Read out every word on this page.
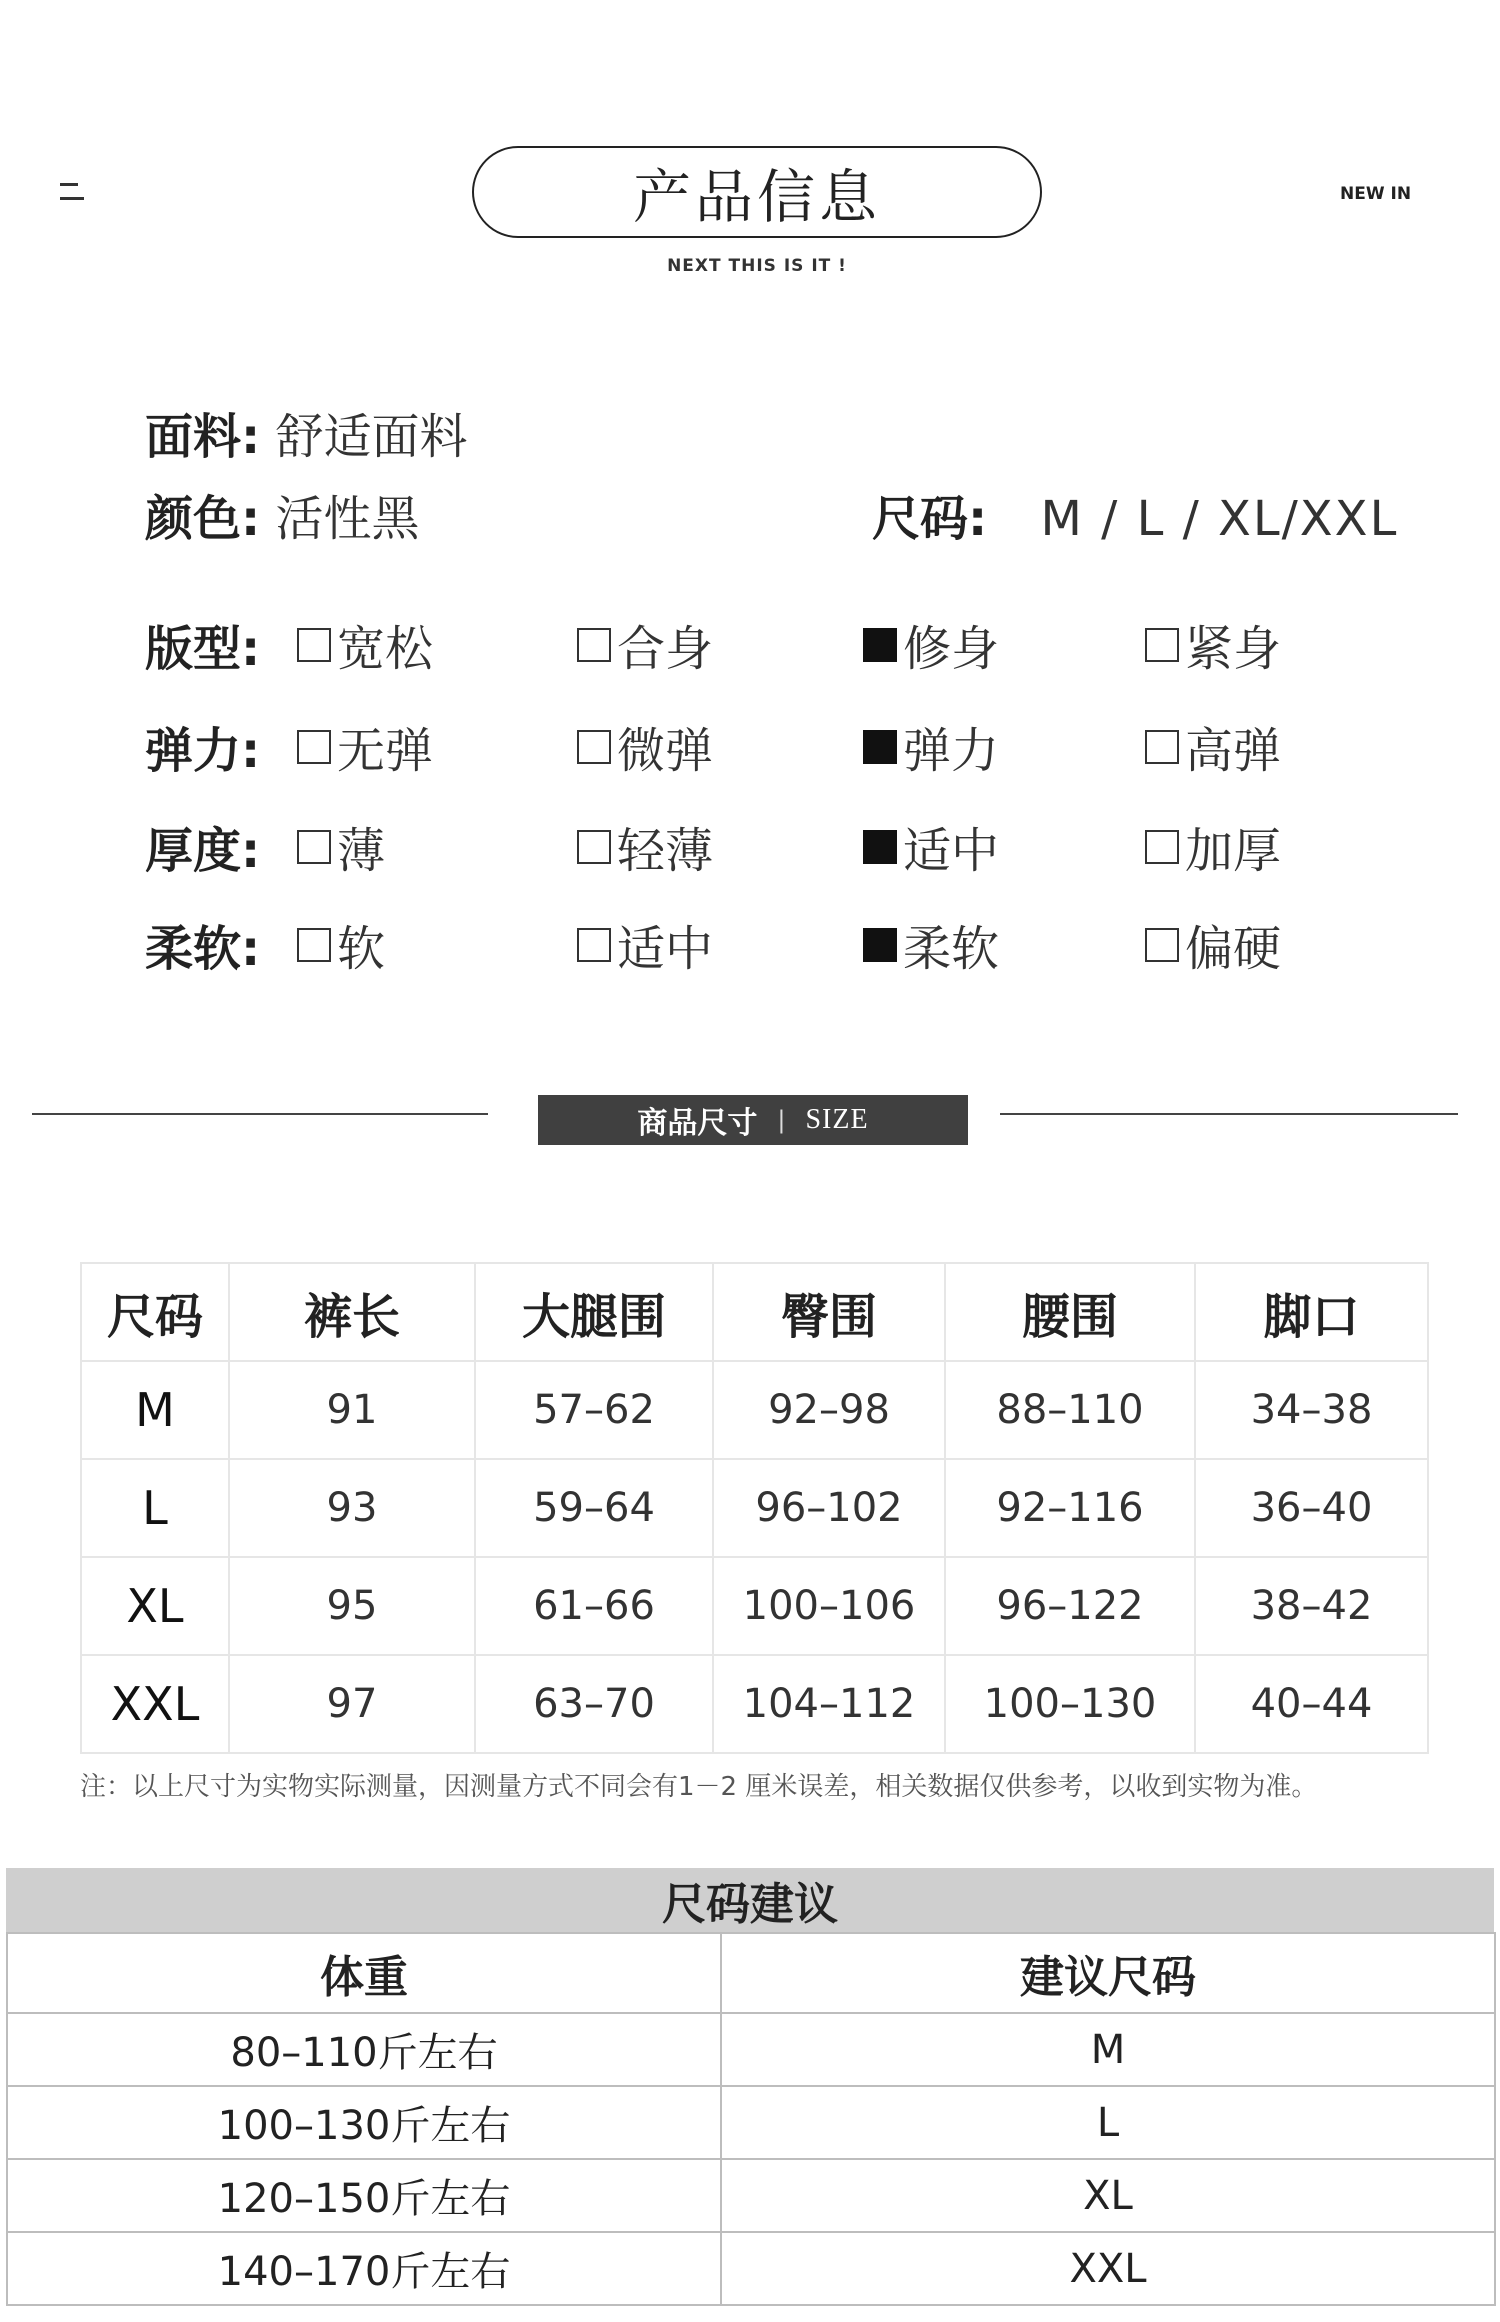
产品信息
NEXT THIS IS IT !
NEW IN
面料: 舒适面料
颜色: 活性黑	尺码: M / L / XL/XXL
版型: 宽松	合身	修身	紧身
弹力: 无弹	微弹	弹力	高弹
厚度: 薄	轻薄	适中	加厚
柔软: 软	适中	柔软	偏硬
商品尺寸 | SIZE
尺码	裤长	大腿围	臀围	腰围	脚口
M	91	57–62	92–98	88–110	34–38
L	93	59–64	96–102	92–116	36–40
XL	95	61–66	100–106	96–122	38–42
XXL	97	63–70	104–112	100–130	40–44
注：以上尺寸为实物实际测量，因测量方式不同会有1－2 厘米误差，相关数据仅供参考，以收到实物为准。
尺码建议
体重	建议尺码
80–110斤左右	M
100–130斤左右	L
120–150斤左右	XL
140–170斤左右	XXL
